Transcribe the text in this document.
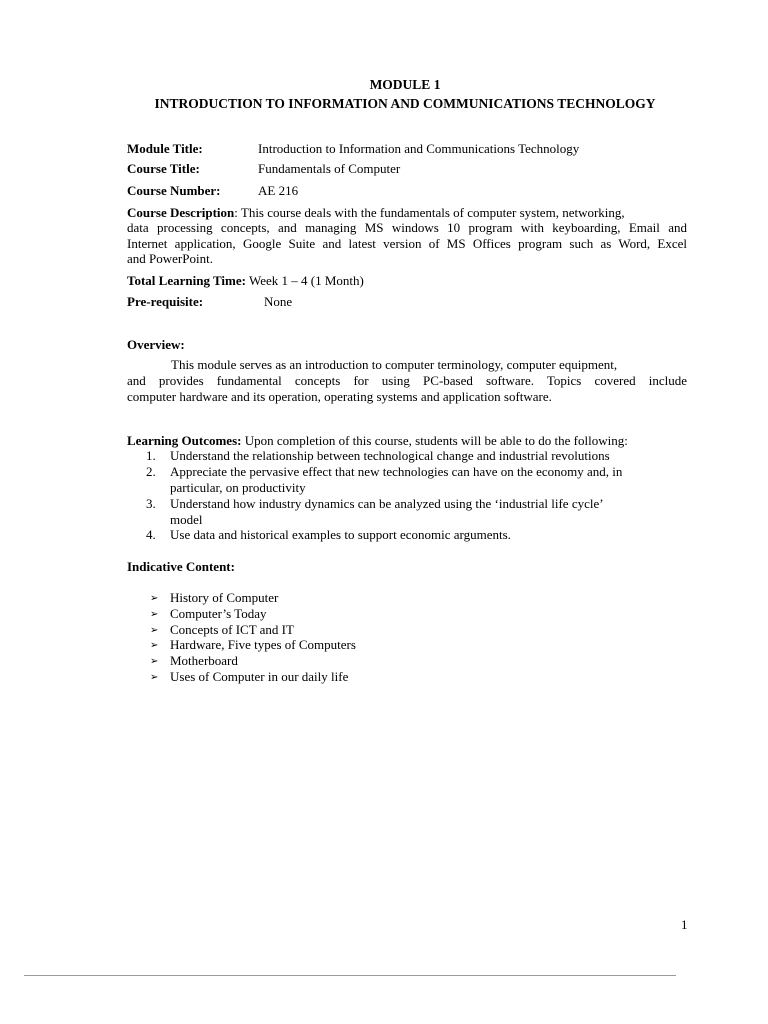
MODULE 1
INTRODUCTION TO INFORMATION AND COMMUNICATIONS TECHNOLOGY
Module Title:	Introduction to Information and Communications Technology
Course Title:	Fundamentals of Computer
Course Number:	AE 216
Course Description: This course deals with the fundamentals of computer system, networking,
data processing concepts, and managing MS windows 10 program with keyboarding, Email and
Internet application, Google Suite and latest version of MS Offices program such as Word, Excel
and PowerPoint.
Total Learning Time: Week 1 – 4 (1 Month)
Pre-requisite:	None
Overview:
This module serves as an introduction to computer terminology, computer equipment,
and provides fundamental concepts for using PC-based software. Topics covered include
computer hardware and its operation, operating systems and application software.
Learning Outcomes: Upon completion of this course, students will be able to do the following:
1.	Understand the relationship between technological change and industrial revolutions
2.	Appreciate the pervasive effect that new technologies can have on the economy and, in
particular, on productivity
3.	Understand how industry dynamics can be analyzed using the ‘industrial life cycle’
model
4.	Use data and historical examples to support economic arguments.
Indicative Content:
➢ History of Computer
➢ Computer’s Today
➢ Concepts of ICT and IT
➢ Hardware, Five types of Computers
➢ Motherboard
➢ Uses of Computer in our daily life
1
